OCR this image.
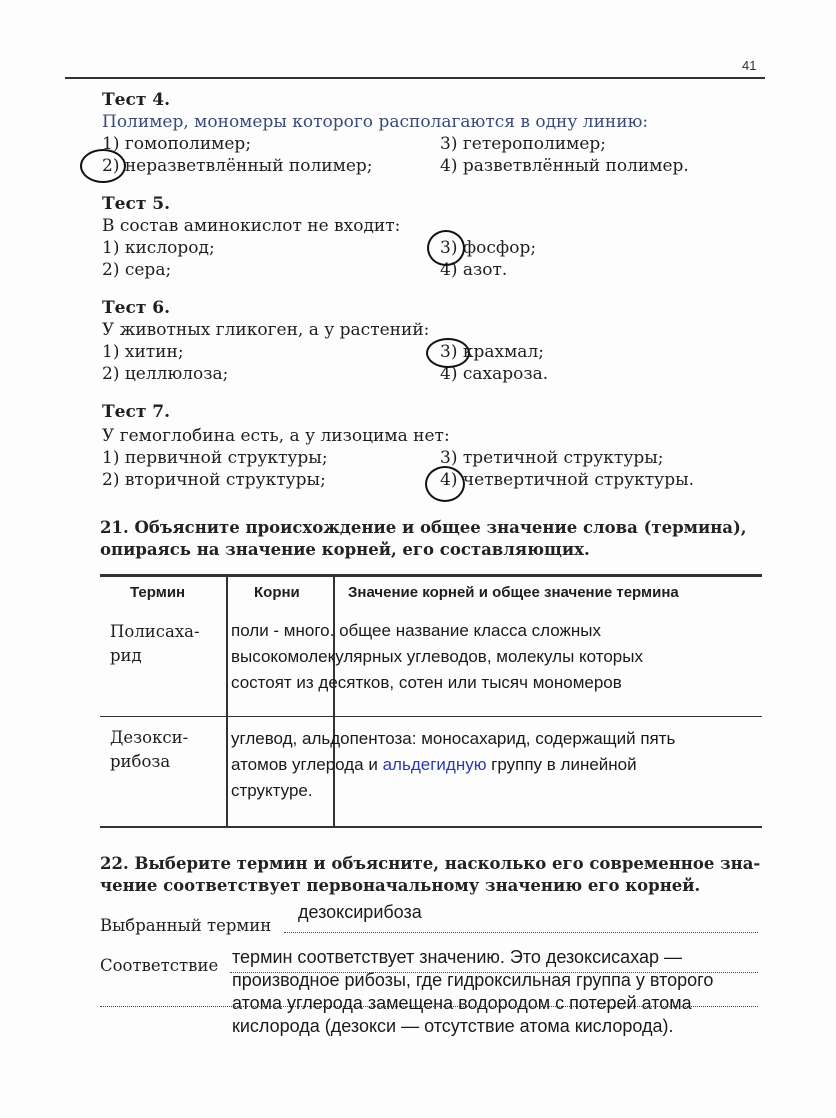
41
Тест 4.
Полимер, мономеры которого располагаются в одну линию:
1) гомополимер;
2) неразветвлённый полимер;
3) гетерополимер;
4) разветвлённый полимер.
Тест 5.
В состав аминокислот не входит:
1) кислород;
2) сера;
3) фосфор;
4) азот.
Тест 6.
У животных гликоген, а у растений:
1) хитин;
2) целлюлоза;
3) крахмал;
4) сахароза.
Тест 7.
У гемоглобина есть, а у лизоцима нет:
1) первичной структуры;
2) вторичной структуры;
3) третичной структуры;
4) четвертичной структуры.
21. Объясните происхождение и общее значение слова (термина),
опираясь на значение корней, его составляющих.
Термин	Корни	Значение корней и общее значение термина
Полисаха-
рид
поли - много. общее название класса сложных
высокомолекулярных углеводов, молекулы которых
состоят из десятков, сотен или тысяч мономеров
Дезокси-
рибоза
углевод, альдопентоза: моносахарид, содержащий пять
атомов углерода и альдегидную группу в линейной
структуре.
22. Выберите термин и объясните, насколько его современное зна-
чение соответствует первоначальному значению его корней.
Выбранный термин
дезоксирибоза
Соответствие термин соответствует значению. Это дезоксисахар —
производное рибозы, где гидроксильная группа у второго
атома углерода замещена водородом с потерей атома
кислорода (дезокси — отсутствие атома кислорода).
